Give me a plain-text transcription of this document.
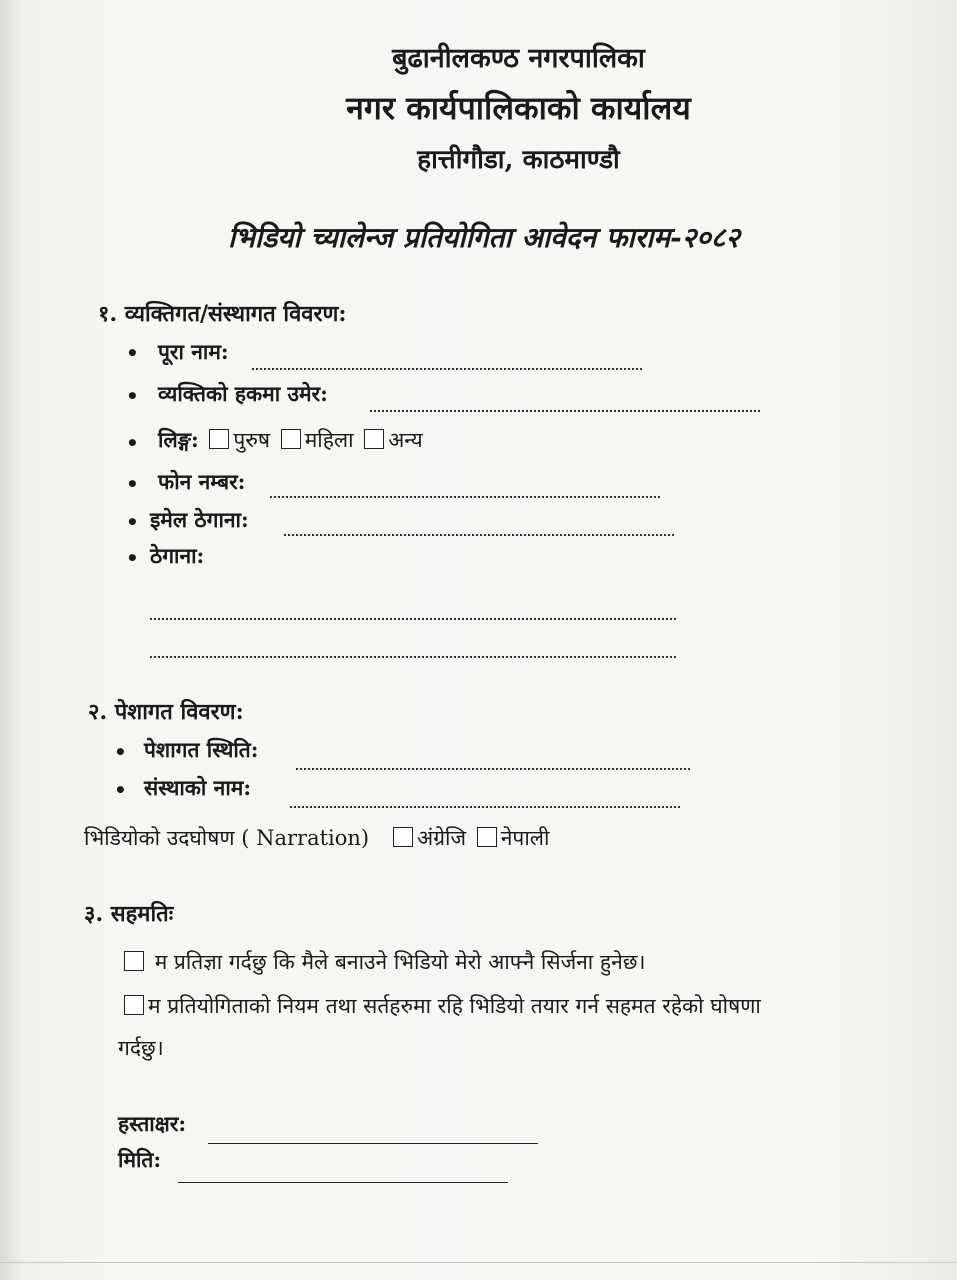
बुढानीलकण्ठ नगरपालिका
नगर कार्यपालिकाको कार्यालय
हात्तीगौडा, काठमाण्डौ
भिडियो च्यालेन्ज प्रतियोगिता आवेदन फाराम-२०८२
१. व्यक्तिगत/संस्थागत विवरण:
• पूरा नाम:
• व्यक्तिको हकमा उमेर:
• लिङ्ग: पुरुष महिला अन्य
• फोन नम्बर:
• इमेल ठेगाना:
• ठेगाना:
२. पेशागत विवरण:
• पेशागत स्थिति:
• संस्थाको नाम:
भिडियोको उदघोषण ( Narration) अंग्रेजि नेपाली
३. सहमतिः
म प्रतिज्ञा गर्दछु कि मैले बनाउने भिडियो मेरो आफ्नै सिर्जना हुनेछ।
म प्रतियोगिताको नियम तथा सर्तहरुमा रहि भिडियो तयार गर्न सहमत रहेको घोषणा
गर्दछु।
हस्ताक्षर:
मिति:
